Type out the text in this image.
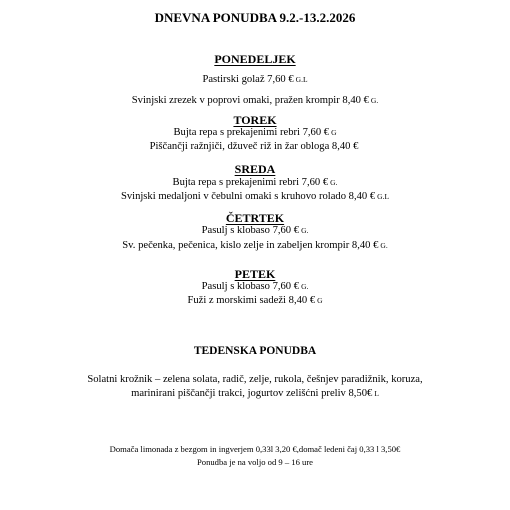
DNEVNA PONUDBA 9.2.-13.2.2026
PONEDELJEK
Pastirski golaž 7,60 € G.L
Svinjski zrezek v poprovi omaki, pražen krompir 8,40 € G.
TOREK
Bujta repa s prekajenimi rebri 7,60 € G
Piščančji ražnjiči, džuveč riž in žar obloga 8,40 €
SREDA
Bujta repa s prekajenimi rebri 7,60 € G.
Svinjski medaljoni v čebulni omaki s kruhovo rolado 8,40 € G.L
ČETRTEK
Pasulj s klobaso 7,60 € G.
Sv. pečenka, pečenica, kislo zelje in zabeljen krompir 8,40 € G.
PETEK
Pasulj s klobaso 7,60 € G.
Fuži z morskimi sadeži 8,40 € G
TEDENSKA PONUDBA
Solatni krožnik – zelena solata, radič, zelje, rukola, češnjev paradižnik, koruza,
marinirani piščančji trakci, jogurtov zelišćni preliv 8,50€ L
Domača limonada z bezgom in ingverjem 0,33l 3,20 €,domač ledeni čaj 0,33 l 3,50€
Ponudba je na voljo od 9 – 16 ure
